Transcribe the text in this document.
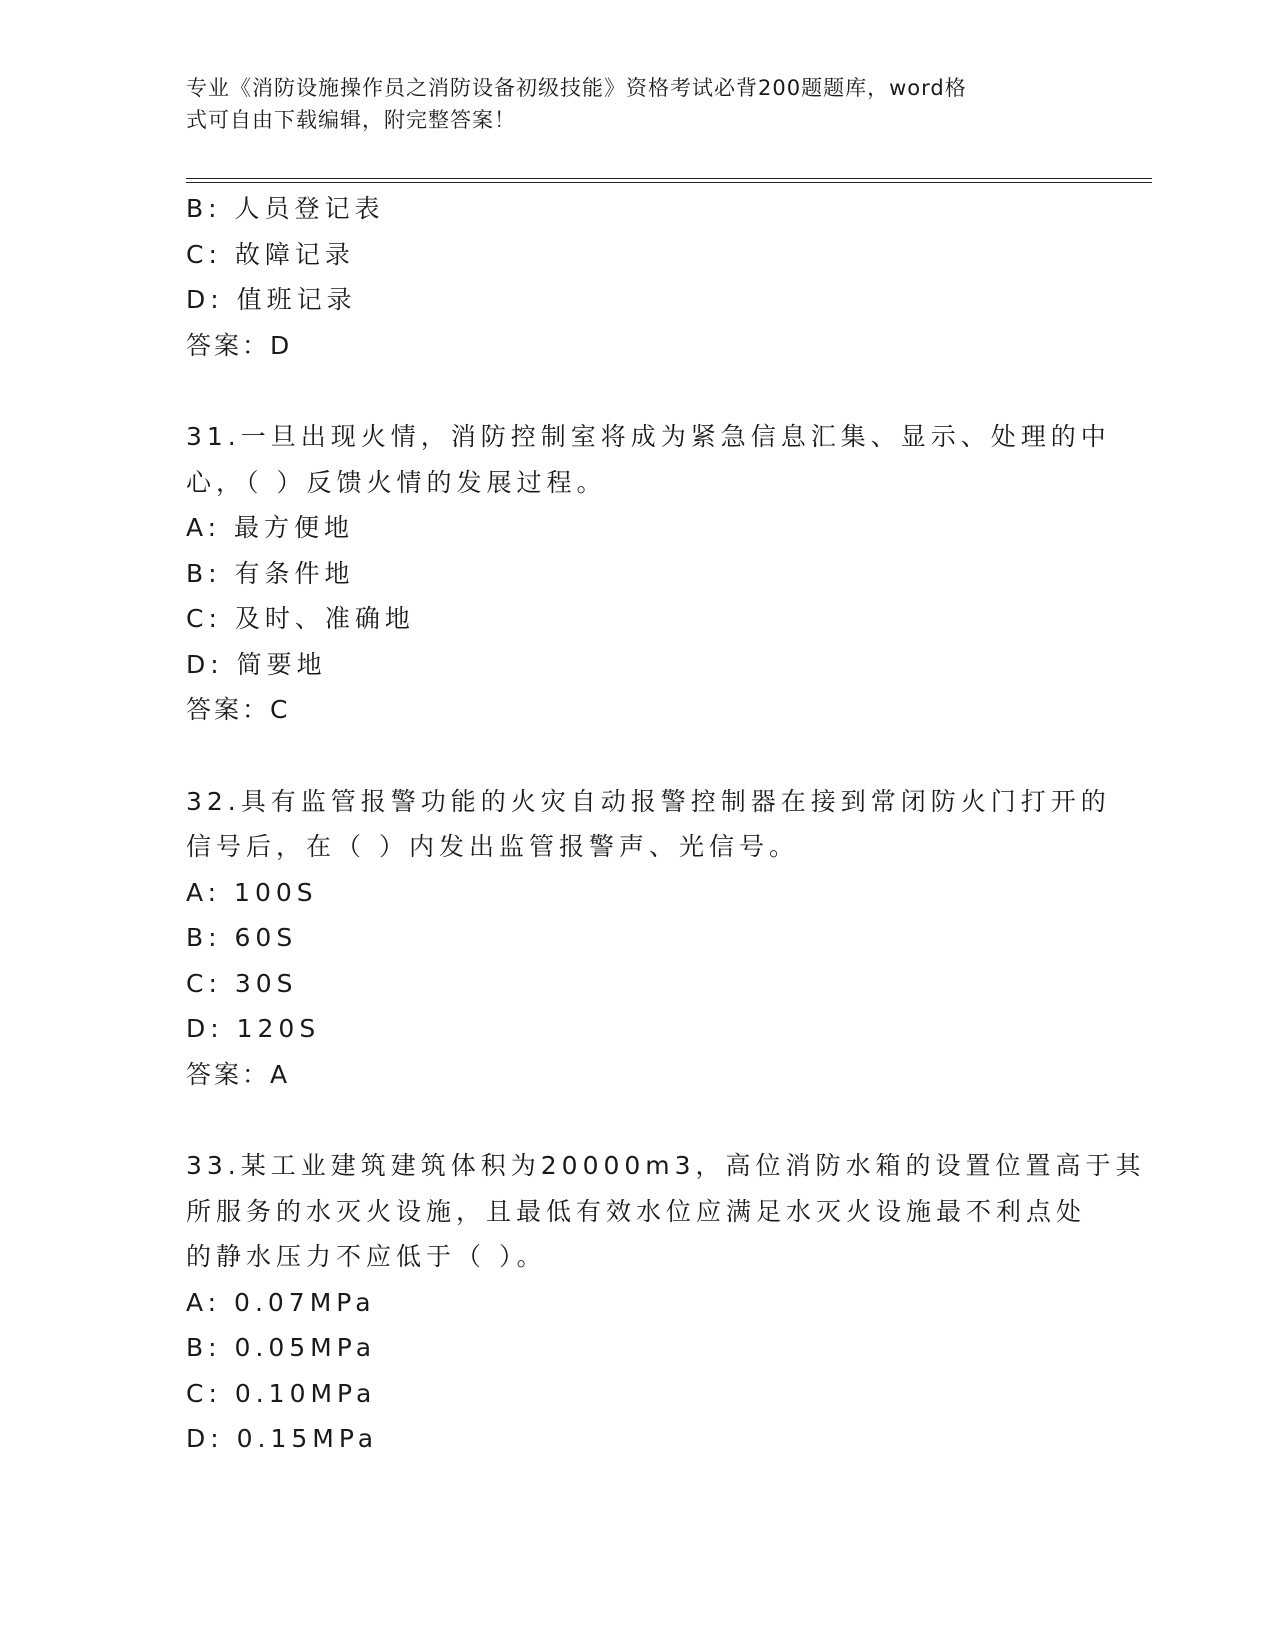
专业《消防设施操作员之消防设备初级技能》资格考试必背200题题库，word格
式可自由下载编辑，附完整答案！
B: 人员登记表
C: 故障记录
D: 值班记录
答案：D
31.一旦出现火情，消防控制室将成为紧急信息汇集、显示、处理的中
心，（ ）反馈火情的发展过程。
A: 最方便地
B: 有条件地
C: 及时、准确地
D: 简要地
答案：C
32.具有监管报警功能的火灾自动报警控制器在接到常闭防火门打开的
信号后，在（ ）内发出监管报警声、光信号。
A: 100S
B: 60S
C: 30S
D: 120S
答案：A
33.某工业建筑建筑体积为20000m3，高位消防水箱的设置位置高于其
所服务的水灭火设施，且最低有效水位应满足水灭火设施最不利点处
的静水压力不应低于（ ）。
A: 0.07MPa
B: 0.05MPa
C: 0.10MPa
D: 0.15MPa
